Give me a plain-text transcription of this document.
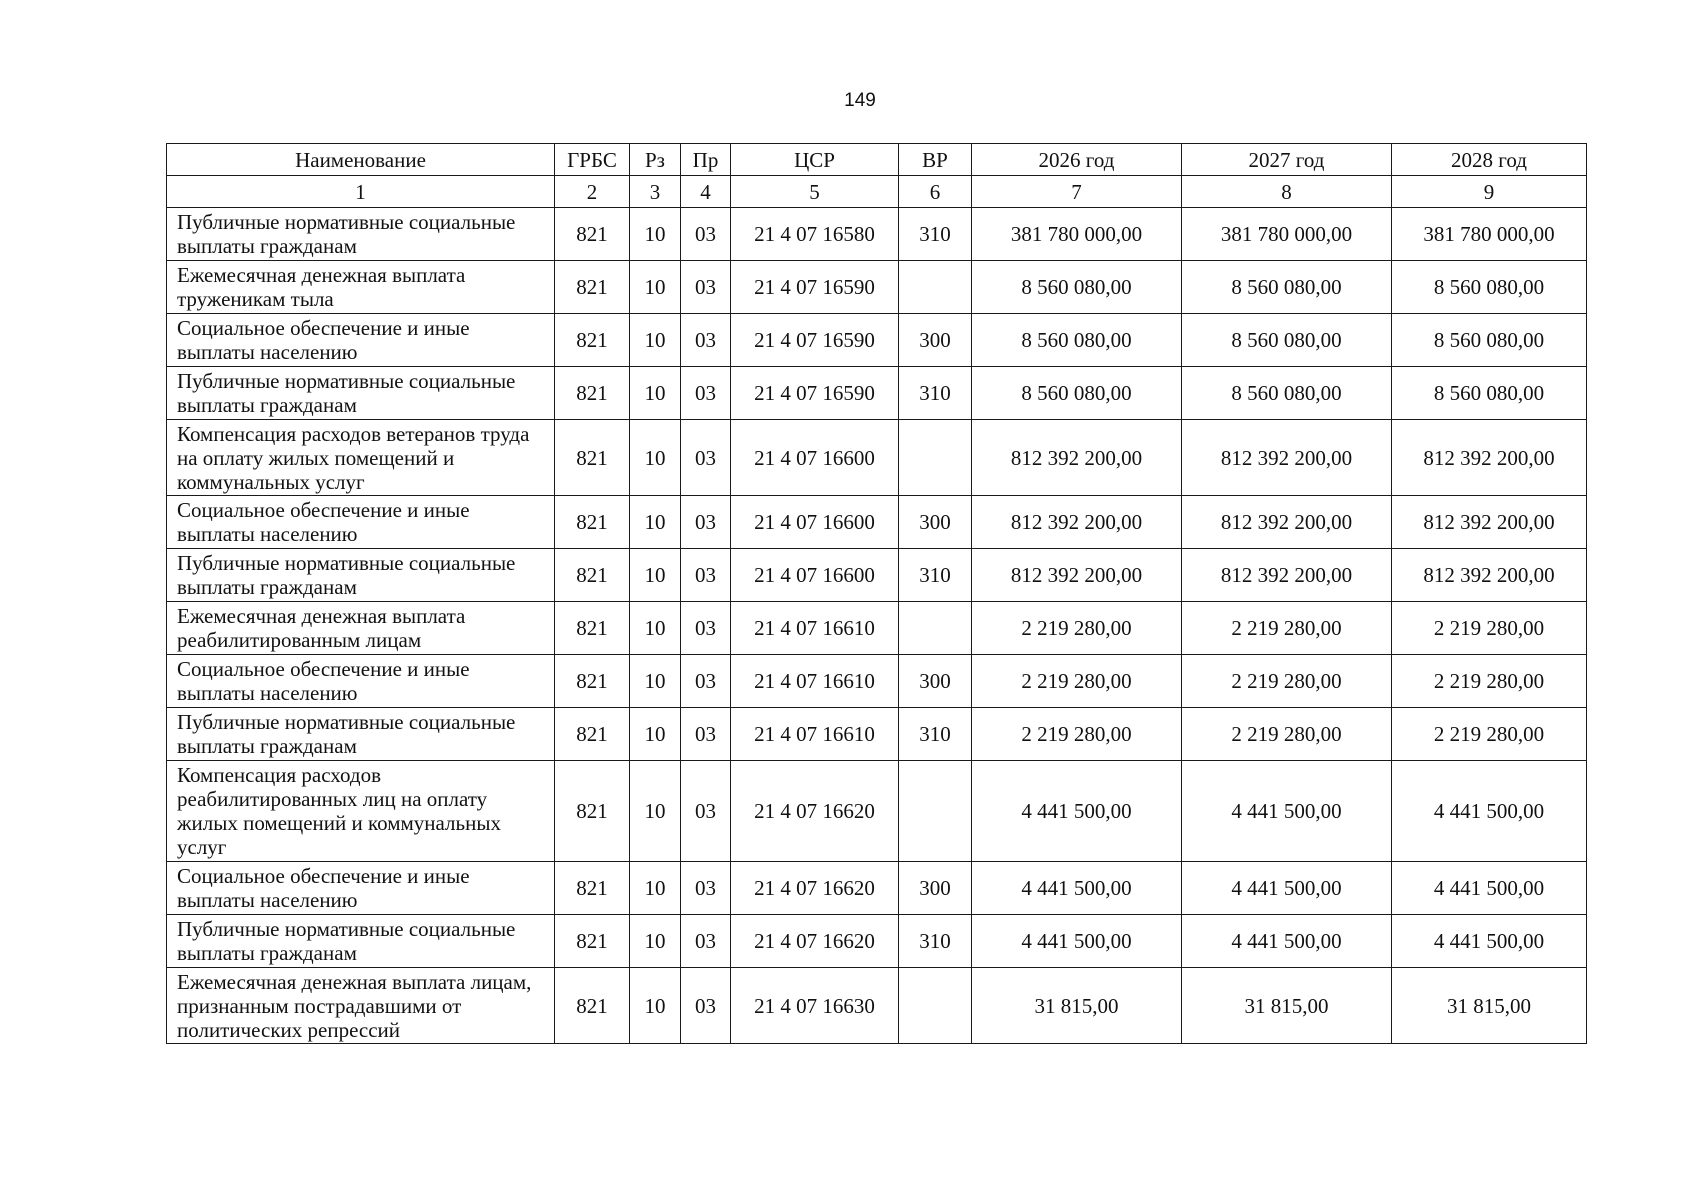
149
Наименование	ГРБС	Рз	Пр	ЦСР	ВР	2026 год	2027 год	2028 год
1	2	3	4	5	6	7	8	9
Публичные нормативные социальные выплаты гражданам	821	10	03	21 4 07 16580	310	381 780 000,00	381 780 000,00	381 780 000,00
Ежемесячная денежная выплата труженикам тыла	821	10	03	21 4 07 16590		8 560 080,00	8 560 080,00	8 560 080,00
Социальное обеспечение и иные выплаты населению	821	10	03	21 4 07 16590	300	8 560 080,00	8 560 080,00	8 560 080,00
Публичные нормативные социальные выплаты гражданам	821	10	03	21 4 07 16590	310	8 560 080,00	8 560 080,00	8 560 080,00
Компенсация расходов ветеранов труда на оплату жилых помещений и коммунальных услуг	821	10	03	21 4 07 16600		812 392 200,00	812 392 200,00	812 392 200,00
Социальное обеспечение и иные выплаты населению	821	10	03	21 4 07 16600	300	812 392 200,00	812 392 200,00	812 392 200,00
Публичные нормативные социальные выплаты гражданам	821	10	03	21 4 07 16600	310	812 392 200,00	812 392 200,00	812 392 200,00
Ежемесячная денежная выплата реабилитированным лицам	821	10	03	21 4 07 16610		2 219 280,00	2 219 280,00	2 219 280,00
Социальное обеспечение и иные выплаты населению	821	10	03	21 4 07 16610	300	2 219 280,00	2 219 280,00	2 219 280,00
Публичные нормативные социальные выплаты гражданам	821	10	03	21 4 07 16610	310	2 219 280,00	2 219 280,00	2 219 280,00
Компенсация расходов реабилитированных лиц на оплату жилых помещений и коммунальных услуг	821	10	03	21 4 07 16620		4 441 500,00	4 441 500,00	4 441 500,00
Социальное обеспечение и иные выплаты населению	821	10	03	21 4 07 16620	300	4 441 500,00	4 441 500,00	4 441 500,00
Публичные нормативные социальные выплаты гражданам	821	10	03	21 4 07 16620	310	4 441 500,00	4 441 500,00	4 441 500,00
Ежемесячная денежная выплата лицам, признанным пострадавшими от политических репрессий	821	10	03	21 4 07 16630		31 815,00	31 815,00	31 815,00
